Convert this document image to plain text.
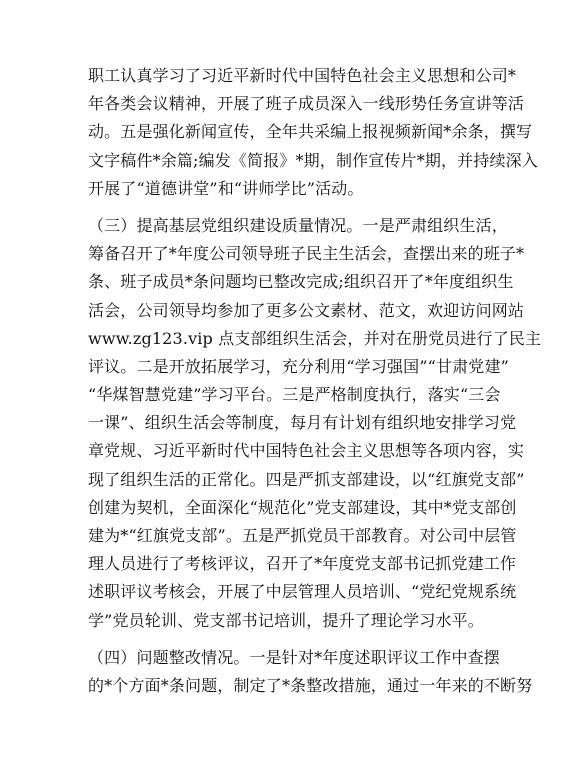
职工认真学习了习近平新时代中国特色社会主义思想和公司*
年各类会议精神，开展了班子成员深入一线形势任务宣讲等活
动。五是强化新闻宣传，全年共采编上报视频新闻*余条，撰写
文字稿件*余篇;编发《简报》*期，制作宣传片*期，并持续深入
开展了“道德讲堂”和“讲师学比”活动。
（三）提高基层党组织建设质量情况。一是严肃组织生活，
筹备召开了*年度公司领导班子民主生活会，查摆出来的班子*
条、班子成员*条问题均已整改完成;组织召开了*年度组织生
活会，公司领导均参加了更多公文素材、范文，欢迎访问网站
www.zg123.vip 点支部组织生活会，并对在册党员进行了民主
评议。二是开放拓展学习，充分利用“学习强国”“甘肃党建”
“华煤智慧党建”学习平台。三是严格制度执行，落实“三会
一课”、组织生活会等制度，每月有计划有组织地安排学习党
章党规、习近平新时代中国特色社会主义思想等各项内容，实
现了组织生活的正常化。四是严抓支部建设，以“红旗党支部”
创建为契机，全面深化“规范化”党支部建设，其中*党支部创
建为*“红旗党支部”。五是严抓党员干部教育。对公司中层管
理人员进行了考核评议，召开了*年度党支部书记抓党建工作
述职评议考核会，开展了中层管理人员培训、“党纪党规系统
学”党员轮训、党支部书记培训，提升了理论学习水平。
（四）问题整改情况。一是针对*年度述职评议工作中查摆
的*个方面*条问题，制定了*条整改措施，通过一年来的不断努
